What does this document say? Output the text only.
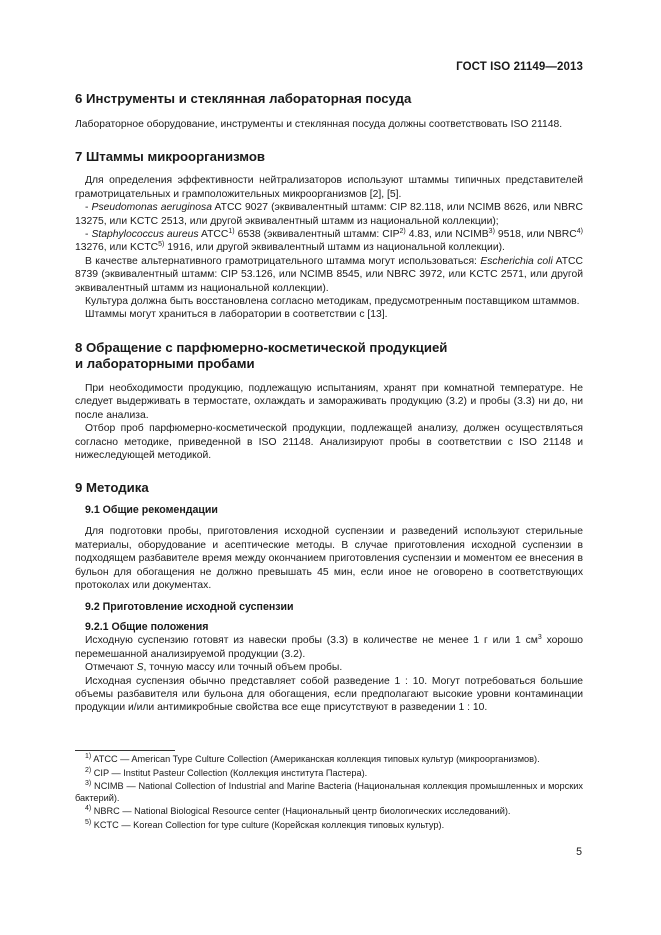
ГОСТ ISO 21149—2013
6 Инструменты и стеклянная лабораторная посуда

Лабораторное оборудование, инструменты и стеклянная посуда должны соответствовать ISO 21148.

7 Штаммы микроорганизмов

Для определения эффективности нейтрализаторов используют штаммы типичных представителей грамотрицательных и грамположительных микроорганизмов [2], [5].

- Pseudomonas aeruginosa ATCC 9027 (эквивалентный штамм: CIP 82.118, или NCIMB 8626, или NBRC 13275, или KCTC 2513, или другой эквивалентный штамм из национальной коллекции);

- Staphylococcus aureus ATCC$^{1)}$ 6538 (эквивалентный штамм: CIP$^{2)}$ 4.83, или NCIMB$^{3)}$ 9518, или NBRC$^{4)}$ 13276, или KCTC$^{5)}$ 1916, или другой эквивалентный штамм из национальной коллекции).

В качестве альтернативного грамотрицательного штамма могут использоваться: Escherichia coli ATCC 8739 (эквивалентный штамм: CIP 53.126, или NCIMB 8545, или NBRC 3972, или KCTC 2571, или другой эквивалентный штамм из национальной коллекции).

Культура должна быть восстановлена согласно методикам, предусмотренным поставщиком штаммов.

Штаммы могут храниться в лаборатории в соответствии с [13].

8 Обращение с парфюмерно-косметической продукцией
и лабораторными пробами

При необходимости продукцию, подлежащую испытаниям, хранят при комнатной температуре. Не следует выдерживать в термостате, охлаждать и замораживать продукцию (3.2) и пробы (3.3) ни до, ни после анализа.

Отбор проб парфюмерно-косметической продукции, подлежащей анализу, должен осуществляться согласно методике, приведенной в ISO 21148. Анализируют пробы в соответствии с ISO 21148 и нижеследующей методикой.

9 Методика
9.1 Общие рекомендации

Для подготовки пробы, приготовления исходной суспензии и разведений используют стерильные материалы, оборудование и асептические методы. В случае приготовления исходной суспензии в подходящем разбавителе время между окончанием приготовления суспензии и моментом ее внесения в бульон для обогащения не должно превышать 45 мин, если иное не оговорено в соответствующих протоколах или документах.

9.2 Приготовление исходной суспензии
9.2.1 Общие положения

Исходную суспензию готовят из навески пробы (3.3) в количестве не менее 1 г или 1 $см^3$ хорошо перемешанной анализируемой продукции (3.2).

Отмечают S, точную массу или точный объем пробы.

Исходная суспензия обычно представляет собой разведение 1 : 10. Могут потребоваться большие объемы разбавителя или бульона для обогащения, если предполагают высокие уровни контаминации продукции и/или антимикробные свойства все еще присутствуют в разведении 1 : 10.

$^{1)}$ ATCC — American Type Culture Collection (Американская коллекция типовых культур (микроорганизмов).

$^{2)}$ CIP — Institut Pasteur Collection (Коллекция института Пастера).

$^{3)}$ NCIMB — National Collection of Industrial and Marine Bacteria (Национальная коллекция промышленных и морских бактерий).

$^{4)}$ NBRC — National Biological Resource center (Национальный центр биологических исследований).

$^{5)}$ KCTC — Korean Collection for type culture (Корейская коллекция типовых культур).

5
